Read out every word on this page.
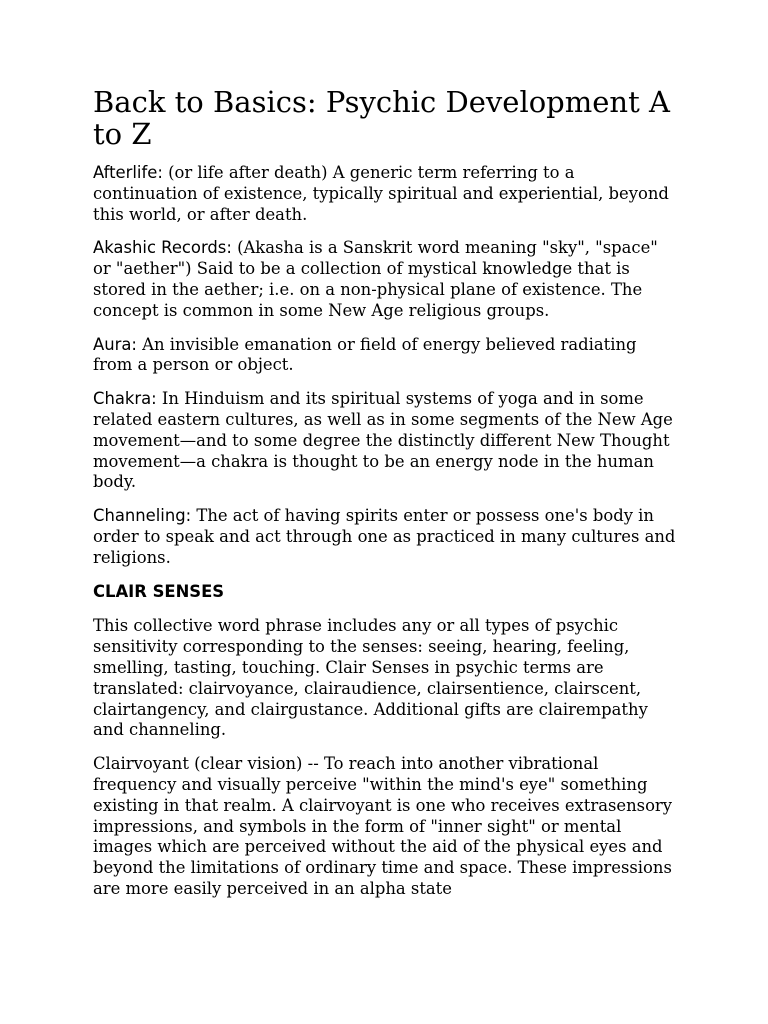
Back to Basics: Psychic Development A to Z

Afterlife: (or life after death) A generic term referring to a continuation of existence, typically spiritual and experiential, beyond this world, or after death.

Akashic Records: (Akasha is a Sanskrit word meaning "sky", "space" or "aether") Said to be a collection of mystical knowledge that is stored in the aether; i.e. on a non-physical plane of existence. The concept is common in some New Age religious groups.

Aura: An invisible emanation or field of energy believed radiating from a person or object.

Chakra: In Hinduism and its spiritual systems of yoga and in some related eastern cultures, as well as in some segments of the New Age movement—and to some degree the distinctly different New Thought movement—a chakra is thought to be an energy node in the human body.

Channeling: The act of having spirits enter or possess one's body in order to speak and act through one as practiced in many cultures and religions.

CLAIR SENSES

This collective word phrase includes any or all types of psychic sensitivity corresponding to the senses: seeing, hearing, feeling, smelling, tasting, touching. Clair Senses in psychic terms are translated: clairvoyance, clairaudience, clairsentience, clairscent, clairtangency, and clairgustance. Additional gifts are clairempathy and channeling.

Clairvoyant (clear vision) -- To reach into another vibrational frequency and visually perceive "within the mind's eye" something existing in that realm. A clairvoyant is one who receives extrasensory impressions, and symbols in the form of "inner sight" or mental images which are perceived without the aid of the physical eyes and beyond the limitations of ordinary time and space. These impressions are more easily perceived in an alpha state
